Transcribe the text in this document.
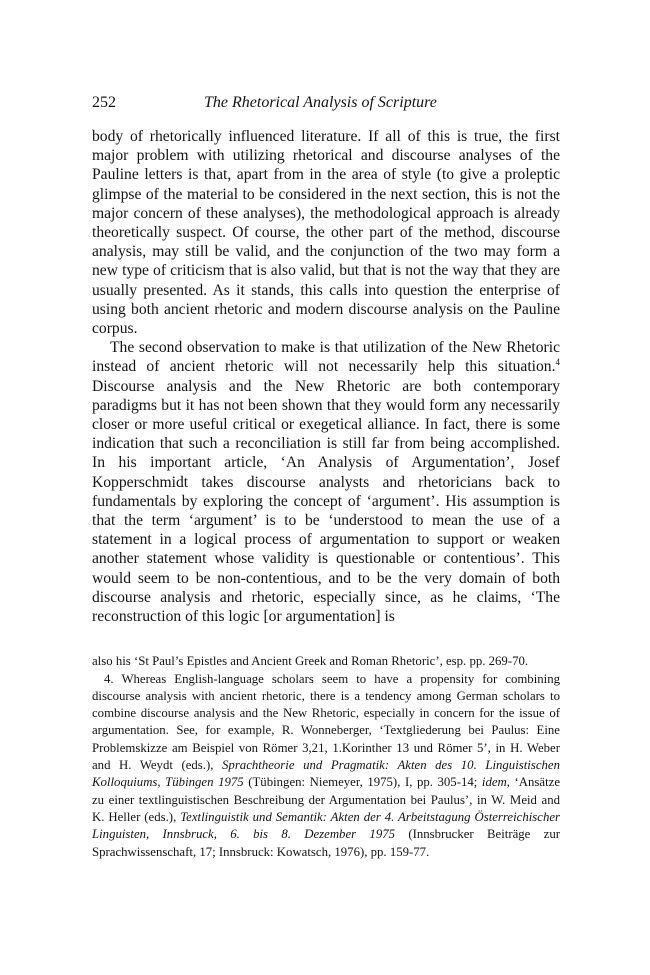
252	The Rhetorical Analysis of Scripture

body of rhetorically influenced literature. If all of this is true, the first major problem with utilizing rhetorical and discourse analyses of the Pauline letters is that, apart from in the area of style (to give a proleptic glimpse of the material to be considered in the next section, this is not the major concern of these analyses), the methodological approach is already theoretically suspect. Of course, the other part of the method, discourse analysis, may still be valid, and the conjunction of the two may form a new type of criticism that is also valid, but that is not the way that they are usually presented. As it stands, this calls into question the enterprise of using both ancient rhetoric and modern discourse analysis on the Pauline corpus.

The second observation to make is that utilization of the New Rhetoric instead of ancient rhetoric will not necessarily help this situation.$^4$ Discourse analysis and the New Rhetoric are both contemporary paradigms but it has not been shown that they would form any necessarily closer or more useful critical or exegetical alliance. In fact, there is some indication that such a reconciliation is still far from being accomplished. In his important article, ‘An Analysis of Argumentation’, Josef Kopperschmidt takes discourse analysts and rhetoricians back to fundamentals by exploring the concept of ‘argument’. His assumption is that the term ‘argument’ is to be ‘understood to mean the use of a statement in a logical process of argumentation to support or weaken another statement whose validity is questionable or contentious’. This would seem to be non-contentious, and to be the very domain of both discourse analysis and rhetoric, especially since, as he claims, ‘The reconstruction of this logic [or argumentation] is

also his ‘St Paul’s Epistles and Ancient Greek and Roman Rhetoric’, esp. pp. 269-70.

4. Whereas English-language scholars seem to have a propensity for combining discourse analysis with ancient rhetoric, there is a tendency among German scholars to combine discourse analysis and the New Rhetoric, especially in concern for the issue of argumentation. See, for example, R. Wonneberger, ‘Textgliederung bei Paulus: Eine Problemskizze am Beispiel von Römer 3,21, 1.Korinther 13 und Römer 5’, in H. Weber and H. Weydt (eds.), Sprachtheorie und Pragmatik: Akten des 10. Linguistischen Kolloquiums, Tübingen 1975 (Tübingen: Niemeyer, 1975), I, pp. 305-14; idem, ‘Ansätze zu einer textlinguistischen Beschreibung der Argumentation bei Paulus’, in W. Meid and K. Heller (eds.), Textlinguistik und Semantik: Akten der 4. Arbeitstagung Österreichischer Linguisten, Innsbruck, 6. bis 8. Dezember 1975 (Innsbrucker Beiträge zur Sprachwissenschaft, 17; Innsbruck: Kowatsch, 1976), pp. 159-77.
